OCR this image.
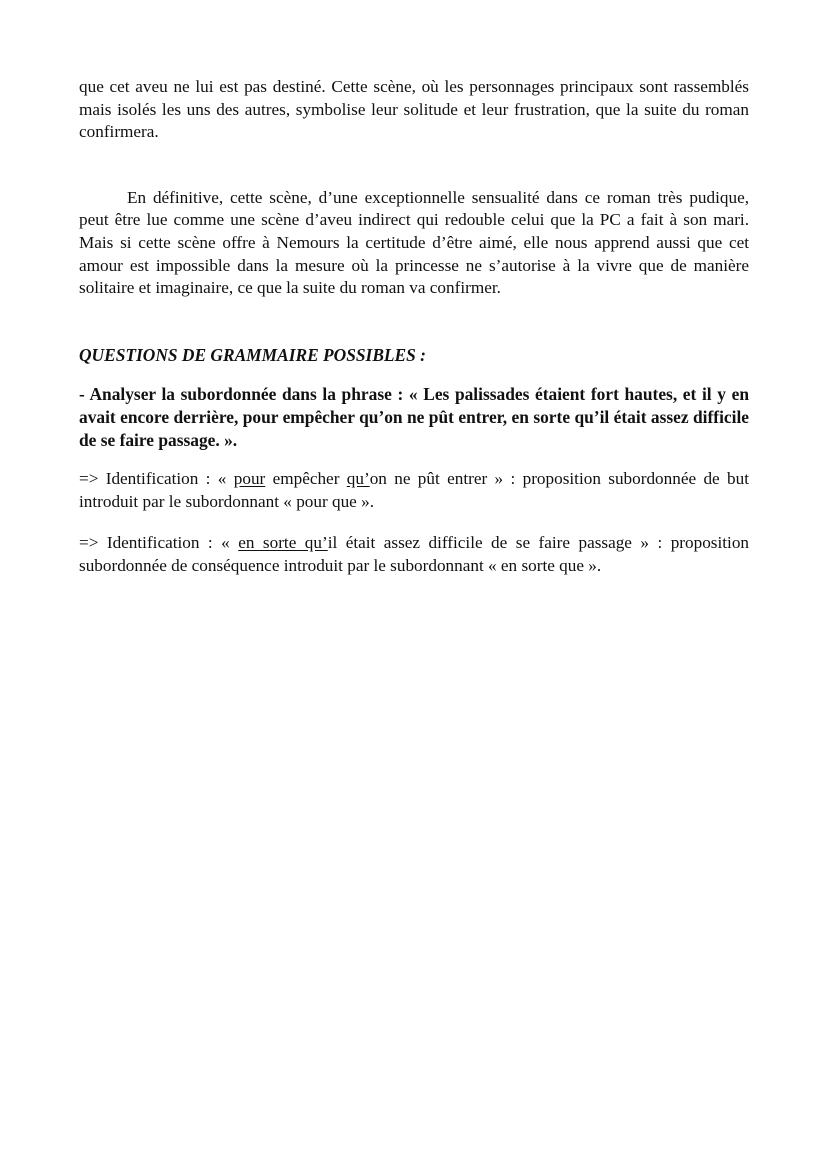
que cet aveu ne lui est pas destiné. Cette scène, où les personnages principaux sont rassemblés mais isolés les uns des autres, symbolise leur solitude et leur frustration, que la suite du roman confirmera.

En définitive, cette scène, d’une exceptionnelle sensualité dans ce roman très pudique, peut être lue comme une scène d’aveu indirect qui redouble celui que la PC a fait à son mari. Mais si cette scène offre à Nemours la certitude d’être aimé, elle nous apprend aussi que cet amour est impossible dans la mesure où la princesse ne s’autorise à la vivre que de manière solitaire et imaginaire, ce que la suite du roman va confirmer.

QUESTIONS DE GRAMMAIRE POSSIBLES :

- Analyser la subordonnée dans la phrase : « Les palissades étaient fort hautes, et il y en avait encore derrière, pour empêcher qu’on ne pût entrer, en sorte qu’il était assez difficile de se faire passage. ».

=> Identification : « pour empêcher qu’on ne pût entrer » : proposition subordonnée de but introduit par le subordonnant « pour que ».

=> Identification : « en sorte qu’il était assez difficile de se faire passage » : proposition subordonnée de conséquence introduit par le subordonnant « en sorte que ».
